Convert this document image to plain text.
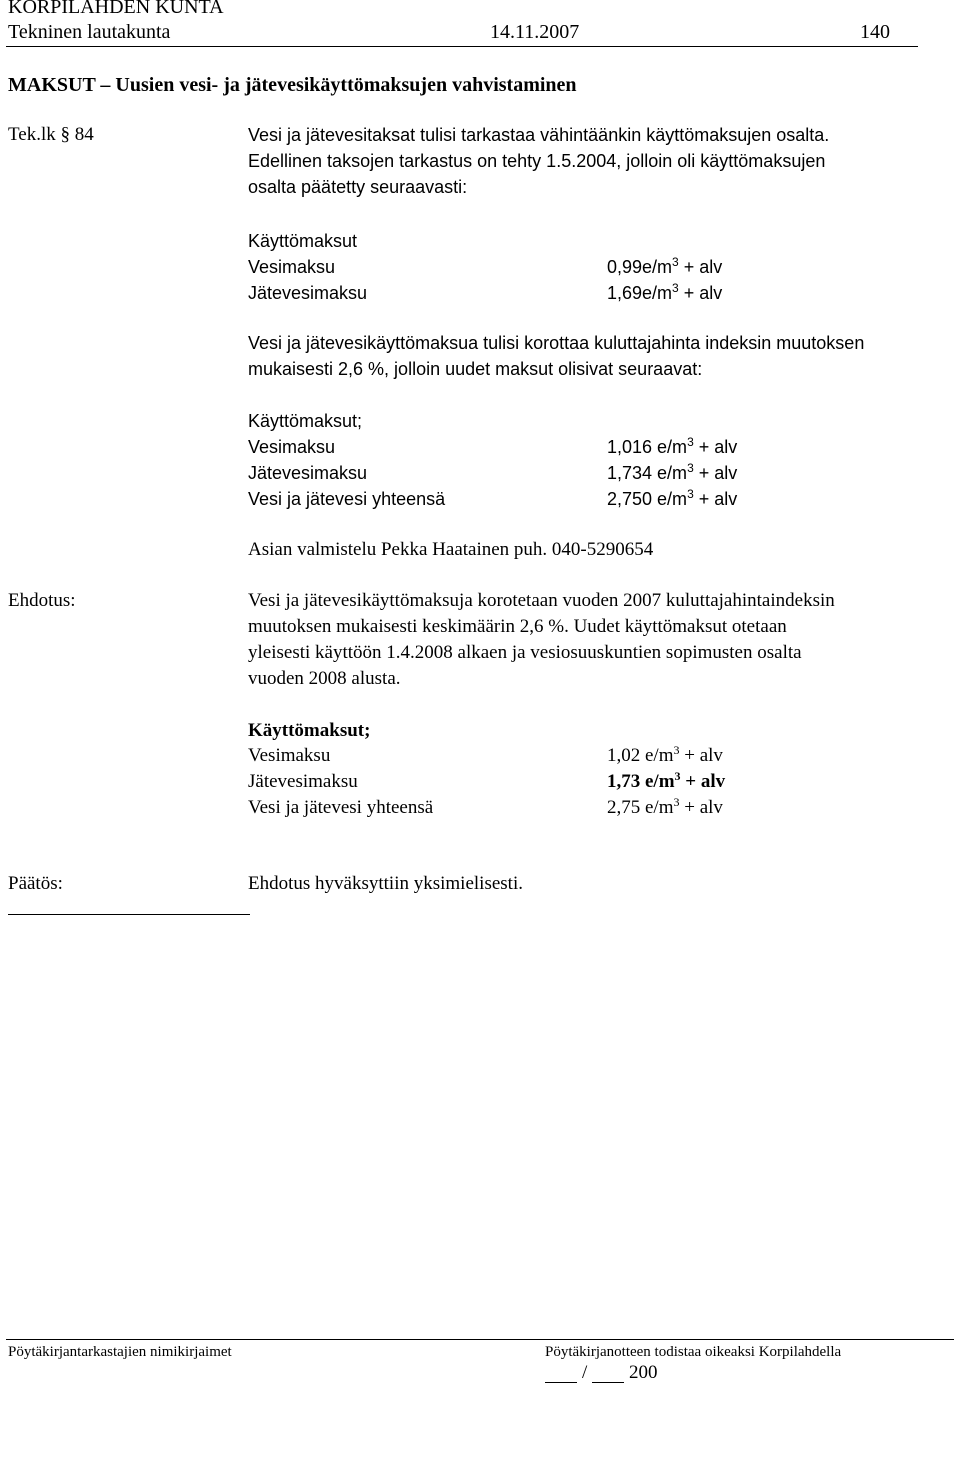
KORPILAHDEN KUNTA
Tekninen lautakunta	14.11.2007	140
MAKSUT – Uusien vesi- ja jätevesikäyttömaksujen vahvistaminen
Tek.lk § 84	Vesi ja jätevesitaksat tulisi tarkastaa vähintäänkin käyttömaksujen osalta.
Edellinen taksojen tarkastus on tehty 1.5.2004, jolloin oli käyttömaksujen
osalta päätetty seuraavasti:
Käyttömaksut
Vesimaksu	$0,99e/m^3$ + alv
Jätevesimaksu	$1,69e/m^3$ + alv
Vesi ja jätevesikäyttömaksua tulisi korottaa kuluttajahinta indeksin muutoksen
mukaisesti 2,6 %, jolloin uudet maksut olisivat seuraavat:
Käyttömaksut;
Vesimaksu	1,016 $e/m^3$ + alv
Jätevesimaksu	1,734 $e/m^3$ + alv
Vesi ja jätevesi yhteensä	2,750 $e/m^3$ + alv
Asian valmistelu Pekka Haatainen puh. 040-5290654
Ehdotus:	Vesi ja jätevesikäyttömaksuja korotetaan vuoden 2007 kuluttajahintaindeksin
muutoksen mukaisesti keskimäärin 2,6 %. Uudet käyttömaksut otetaan
yleisesti käyttöön 1.4.2008 alkaen ja vesiosuuskuntien sopimusten osalta
vuoden 2008 alusta.
Käyttömaksut;
Vesimaksu	1,02 $e/m^3$ + alv
Jätevesimaksu	1,73 $e/m^3$ + alv
Vesi ja jätevesi yhteensä	2,75 $e/m^3$ + alv
Päätös:	Ehdotus hyväksyttiin yksimielisesti.
Pöytäkirjantarkastajien nimikirjaimet	Pöytäkirjanotteen todistaa oikeaksi Korpilahdella
/ 200
